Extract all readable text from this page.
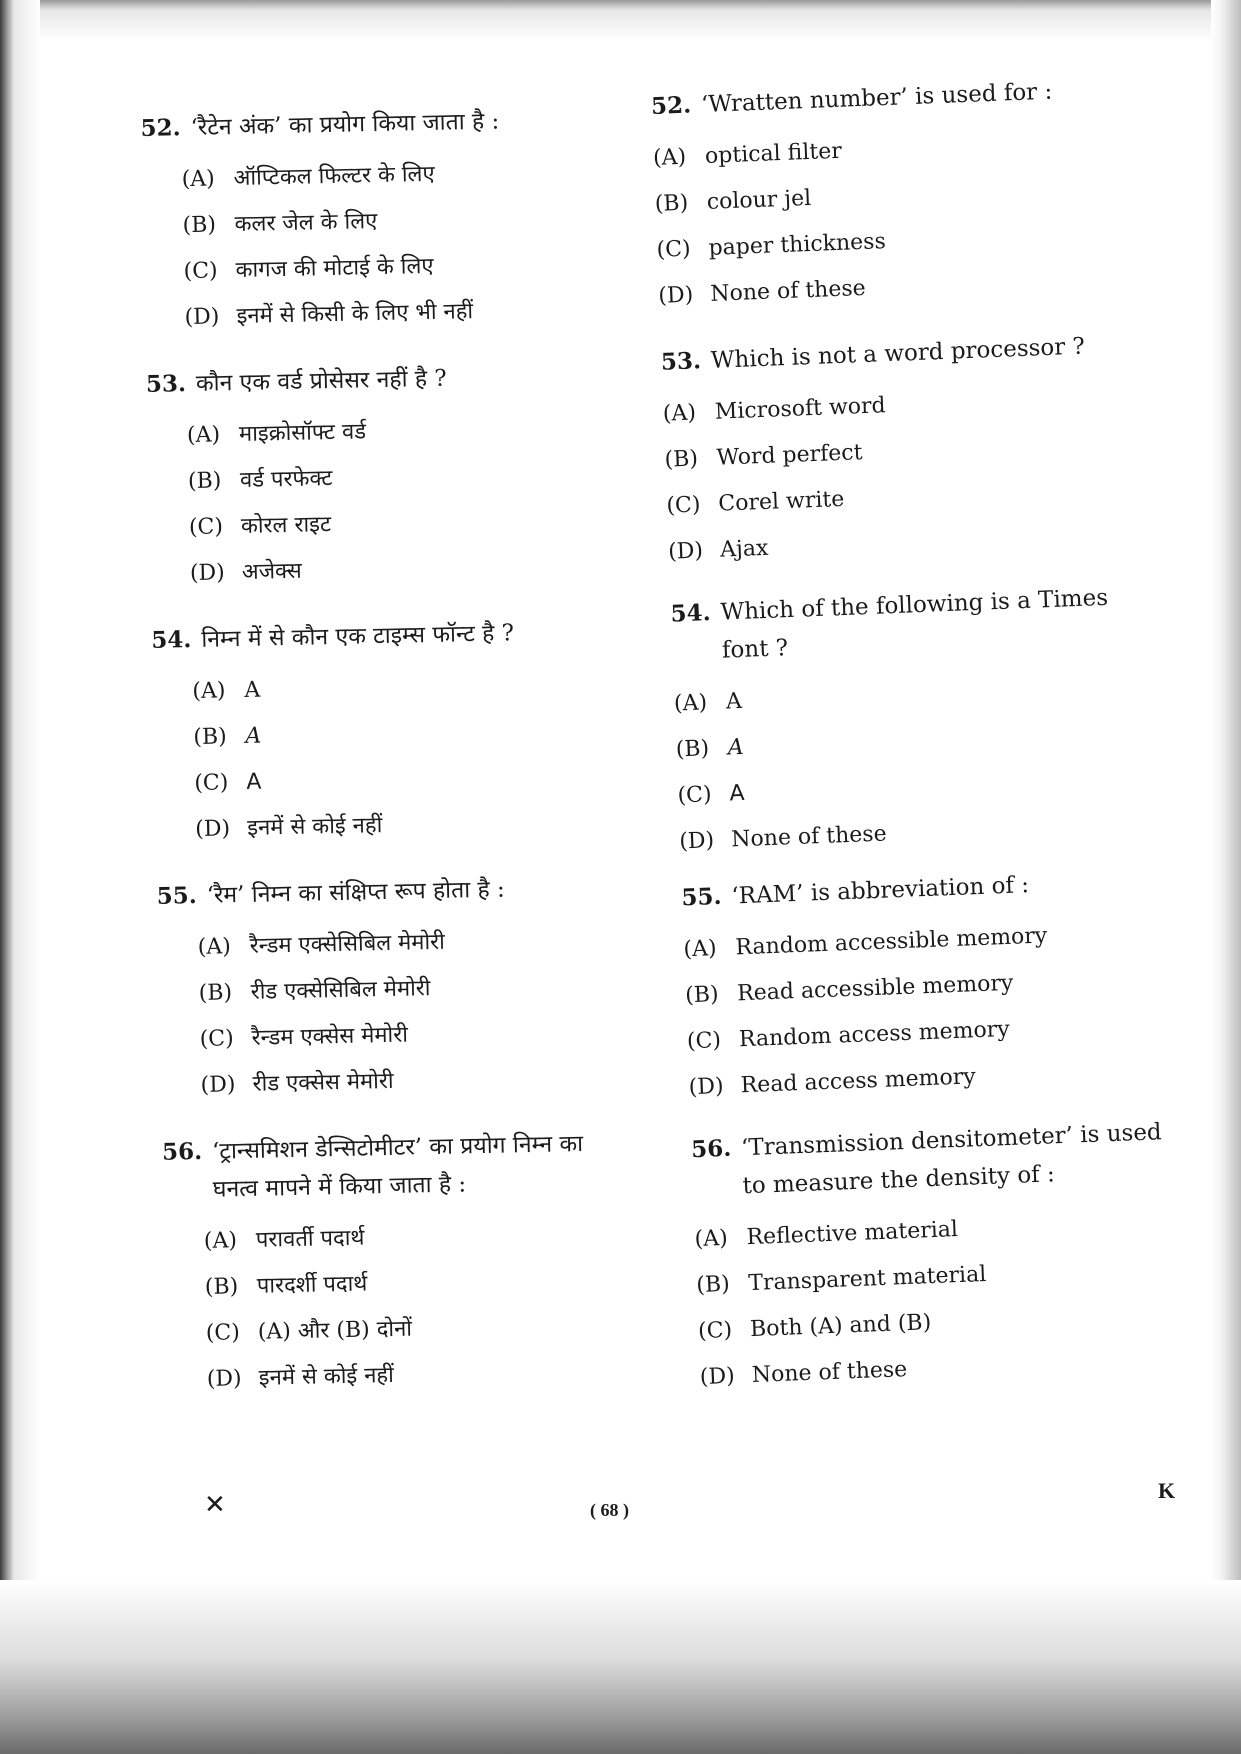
52. ‘रैटेन अंक’ का प्रयोग किया जाता है :
(A) ऑप्टिकल फिल्टर के लिए
(B) कलर जेल के लिए
(C) कागज की मोटाई के लिए
(D) इनमें से किसी के लिए भी नहीं
53. कौन एक वर्ड प्रोसेसर नहीं है ?
(A) माइक्रोसॉफ्ट वर्ड
(B) वर्ड परफेक्ट
(C) कोरल राइट
(D) अजेक्स
54. निम्न में से कौन एक टाइम्स फॉन्ट है ?
(A) A
(B) A
(C) A
(D) इनमें से कोई नहीं
55. ‘रैम’ निम्न का संक्षिप्त रूप होता है :
(A) रैन्डम एक्सेसिबिल मेमोरी
(B) रीड एक्सेसिबिल मेमोरी
(C) रैन्डम एक्सेस मेमोरी
(D) रीड एक्सेस मेमोरी
56. ‘ट्रान्समिशन डेन्सिटोमीटर’ का प्रयोग निम्न का घनत्व मापने में किया जाता है :
(A) परावर्ती पदार्थ
(B) पारदर्शी पदार्थ
(C) (A) और (B) दोनों
(D) इनमें से कोई नहीं
52. ‘Wratten number’ is used for :
(A) optical filter
(B) colour jel
(C) paper thickness
(D) None of these
53. Which is not a word processor ?
(A) Microsoft word
(B) Word perfect
(C) Corel write
(D) Ajax
54. Which of the following is a Times font ?
(A) A
(B) A
(C) A
(D) None of these
55. ‘RAM’ is abbreviation of :
(A) Random accessible memory
(B) Read accessible memory
(C) Random access memory
(D) Read access memory
56. ‘Transmission densitometer’ is used to measure the density of :
(A) Reflective material
(B) Transparent material
(C) Both (A) and (B)
(D) None of these
✕	( 68 )
K
